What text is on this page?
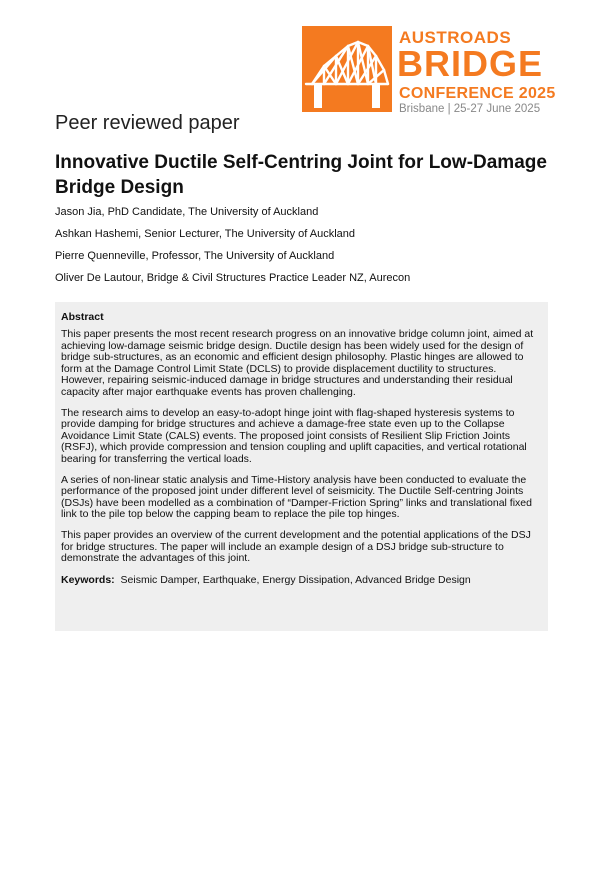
AUSTROADS
BRIDGE
CONFERENCE 2025
Brisbane | 25-27 June 2025
Peer reviewed paper
Innovative Ductile Self-Centring Joint for Low-Damage Bridge Design
Jason Jia, PhD Candidate, The University of Auckland
Ashkan Hashemi, Senior Lecturer, The University of Auckland
Pierre Quenneville, Professor, The University of Auckland
Oliver De Lautour, Bridge & Civil Structures Practice Leader NZ, Aurecon

Abstract

This paper presents the most recent research progress on an innovative bridge column joint, aimed at achieving low-damage seismic bridge design. Ductile design has been widely used for the design of bridge sub-structures, as an economic and efficient design philosophy. Plastic hinges are allowed to form at the Damage Control Limit State (DCLS) to provide displacement ductility to structures. However, repairing seismic-induced damage in bridge structures and understanding their residual capacity after major earthquake events has proven challenging.

The research aims to develop an easy-to-adopt hinge joint with flag-shaped hysteresis systems to provide damping for bridge structures and achieve a damage-free state even up to the Collapse Avoidance Limit State (CALS) events. The proposed joint consists of Resilient Slip Friction Joints (RSFJ), which provide compression and tension coupling and uplift capacities, and vertical rotational bearing for transferring the vertical loads.

A series of non-linear static analysis and Time-History analysis have been conducted to evaluate the performance of the proposed joint under different level of seismicity. The Ductile Self-centring Joints (DSJs) have been modelled as a combination of “Damper-Friction Spring” links and translational fixed link to the pile top below the capping beam to replace the pile top hinges.

This paper provides an overview of the current development and the potential applications of the DSJ for bridge structures. The paper will include an example design of a DSJ bridge sub-structure to demonstrate the advantages of this joint.

Keywords: Seismic Damper, Earthquake, Energy Dissipation, Advanced Bridge Design
